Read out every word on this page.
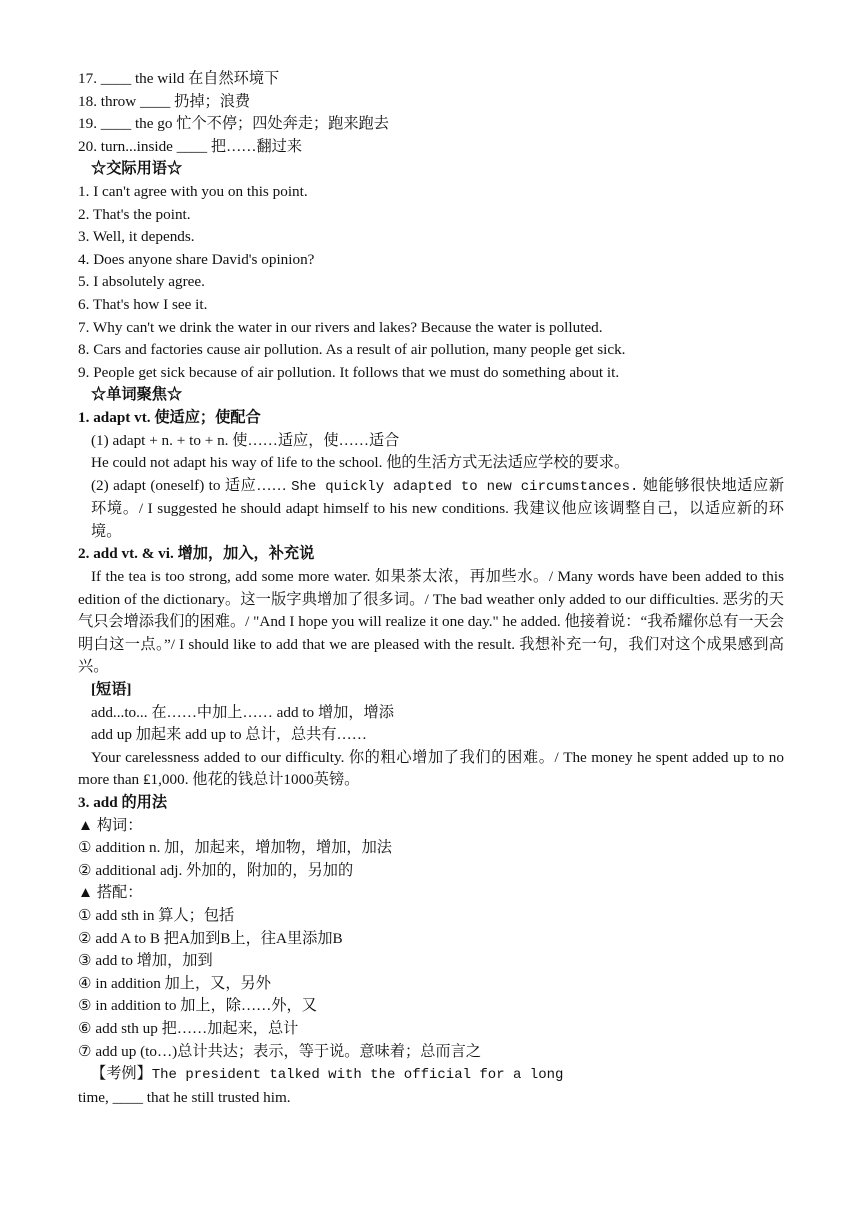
17. ____ the wild 在自然环境下
18. throw ____ 扔掉；浪费
19. ____ the go 忙个不停；四处奔走；跑来跑去
20. turn...inside ____ 把……翻过来
☆交际用语☆
1. I can't agree with you on this point.
2. That's the point.
3. Well, it depends.
4. Does anyone share David's opinion?
5. I absolutely agree.
6. That's how I see it.
7. Why can't we drink the water in our rivers and lakes? Because the water is polluted.
8. Cars and factories cause air pollution. As a result of air pollution, many people get sick.
9. People get sick because of air pollution. It follows that we must do something about it.
☆单词聚焦☆
1. adapt vt. 使适应；使配合
(1) adapt + n. + to + n. 使……适应，使……适合
He could not adapt his way of life to the school. 他的生活方式无法适应学校的要求。
(2) adapt (oneself) to 适应…… She quickly adapted to new circumstances. 她能够很快地适应新环境。/ I suggested he should adapt himself to his new conditions. 我建议他应该调整自己，以适应新的环境。
2. add vt. & vi. 增加，加入，补充说
If the tea is too strong, add some more water. 如果茶太浓，再加些水。/ Many words have been added to this edition of the dictionary。这一版字典增加了很多词。/ The bad weather only added to our difficulties. 恶劣的天气只会增添我们的困难。/ "And I hope you will realize it one day." he added. 他接着说：“我希耀你总有一天会明白这一点。”/ I should like to add that we are pleased with the result. 我想补充一句，我们对这个成果感到高兴。
[短语]
add...to... 在……中加上…… add to 增加，增添
add up 加起来 add up to 总计，总共有……
Your carelessness added to our difficulty. 你的粗心增加了我们的困难。/ The money he spent added up to no more than ₤1,000. 他花的钱总计1000英镑。
3. add 的用法
▲ 构词：
① addition n. 加，加起来，增加物，增加，加法
② additional adj. 外加的，附加的，另加的
▲ 搭配：
① add sth in 算人；包括
② add A to B 把A加到B上，往A里添加B
③ add to 增加，加到
④ in addition 加上，又，另外
⑤ in addition to 加上，除……外，又
⑥ add sth up 把……加起来，总计
⑦ add up (to…)总计共达；表示，等于说。意味着；总而言之
【考例】The president talked with the official for a long
time, ____ that he still trusted him.
